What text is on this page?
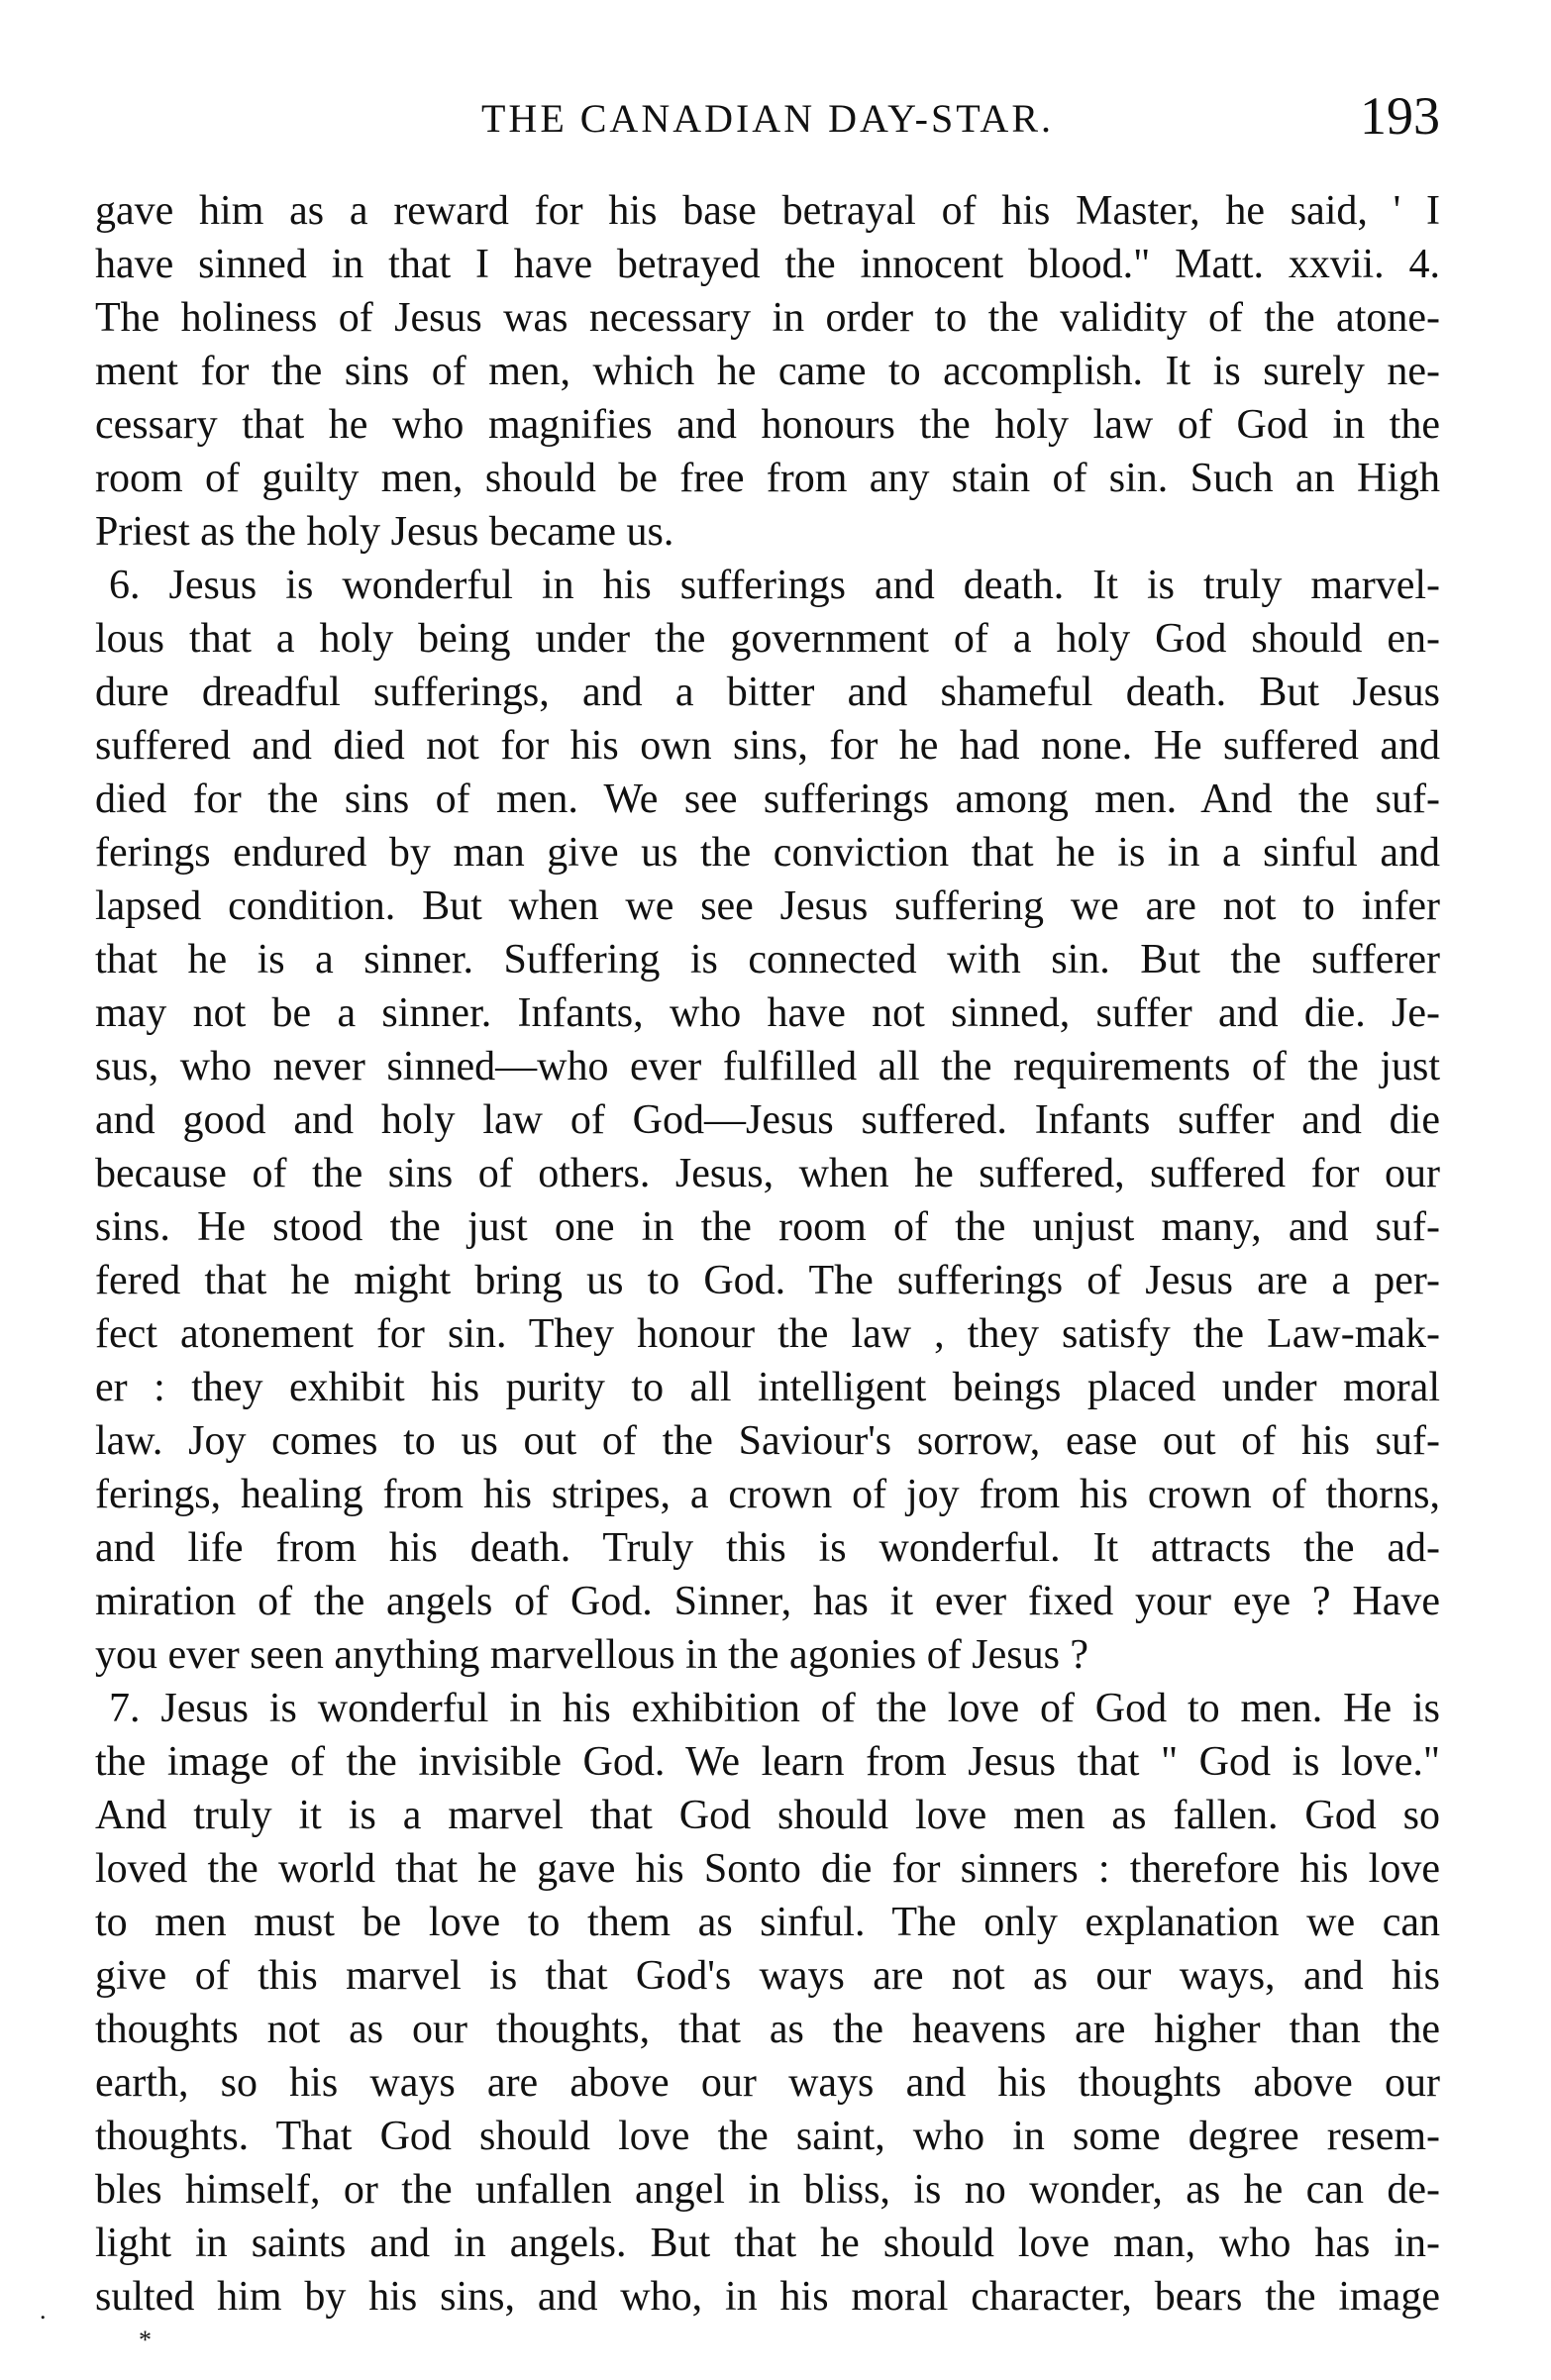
THE CANADIAN DAY-STAR.	193
gave him as a reward for his base betrayal of his Master, he said, ' I
have sinned in that I have betrayed the innocent blood." Matt. xxvii. 4.
The holiness of Jesus was necessary in order to the validity of the atone-
ment for the sins of men, which he came to accomplish. It is surely ne-
cessary that he who magnifies and honours the holy law of God in the
room of guilty men, should be free from any stain of sin. Such an High
Priest as the holy Jesus became us.
6. Jesus is wonderful in his sufferings and death. It is truly marvel-
lous that a holy being under the government of a holy God should en-
dure dreadful sufferings, and a bitter and shameful death. But Jesus
suffered and died not for his own sins, for he had none. He suffered and
died for the sins of men. We see sufferings among men. And the suf-
ferings endured by man give us the conviction that he is in a sinful and
lapsed condition. But when we see Jesus suffering we are not to infer
that he is a sinner. Suffering is connected with sin. But the sufferer
may not be a sinner. Infants, who have not sinned, suffer and die. Je-
sus, who never sinned—who ever fulfilled all the requirements of the just
and good and holy law of God—Jesus suffered. Infants suffer and die
because of the sins of others. Jesus, when he suffered, suffered for our
sins. He stood the just one in the room of the unjust many, and suf-
fered that he might bring us to God. The sufferings of Jesus are a per-
fect atonement for sin. They honour the law , they satisfy the Law-mak-
er : they exhibit his purity to all intelligent beings placed under moral
law. Joy comes to us out of the Saviour's sorrow, ease out of his suf-
ferings, healing from his stripes, a crown of joy from his crown of thorns,
and life from his death. Truly this is wonderful. It attracts the ad-
miration of the angels of God. Sinner, has it ever fixed your eye ? Have
you ever seen anything marvellous in the agonies of Jesus ?
7. Jesus is wonderful in his exhibition of the love of God to men. He is
the image of the invisible God. We learn from Jesus that " God is love."
And truly it is a marvel that God should love men as fallen. God so
loved the world that he gave his Sonto die for sinners : therefore his love
to men must be love to them as sinful. The only explanation we can
give of this marvel is that God's ways are not as our ways, and his
thoughts not as our thoughts, that as the heavens are higher than the
earth, so his ways are above our ways and his thoughts above our
thoughts. That God should love the saint, who in some degree resem-
bles himself, or the unfallen angel in bliss, is no wonder, as he can de-
light in saints and in angels. But that he should love man, who has in-
sulted him by his sins, and who, in his moral character, bears the image
.
*
